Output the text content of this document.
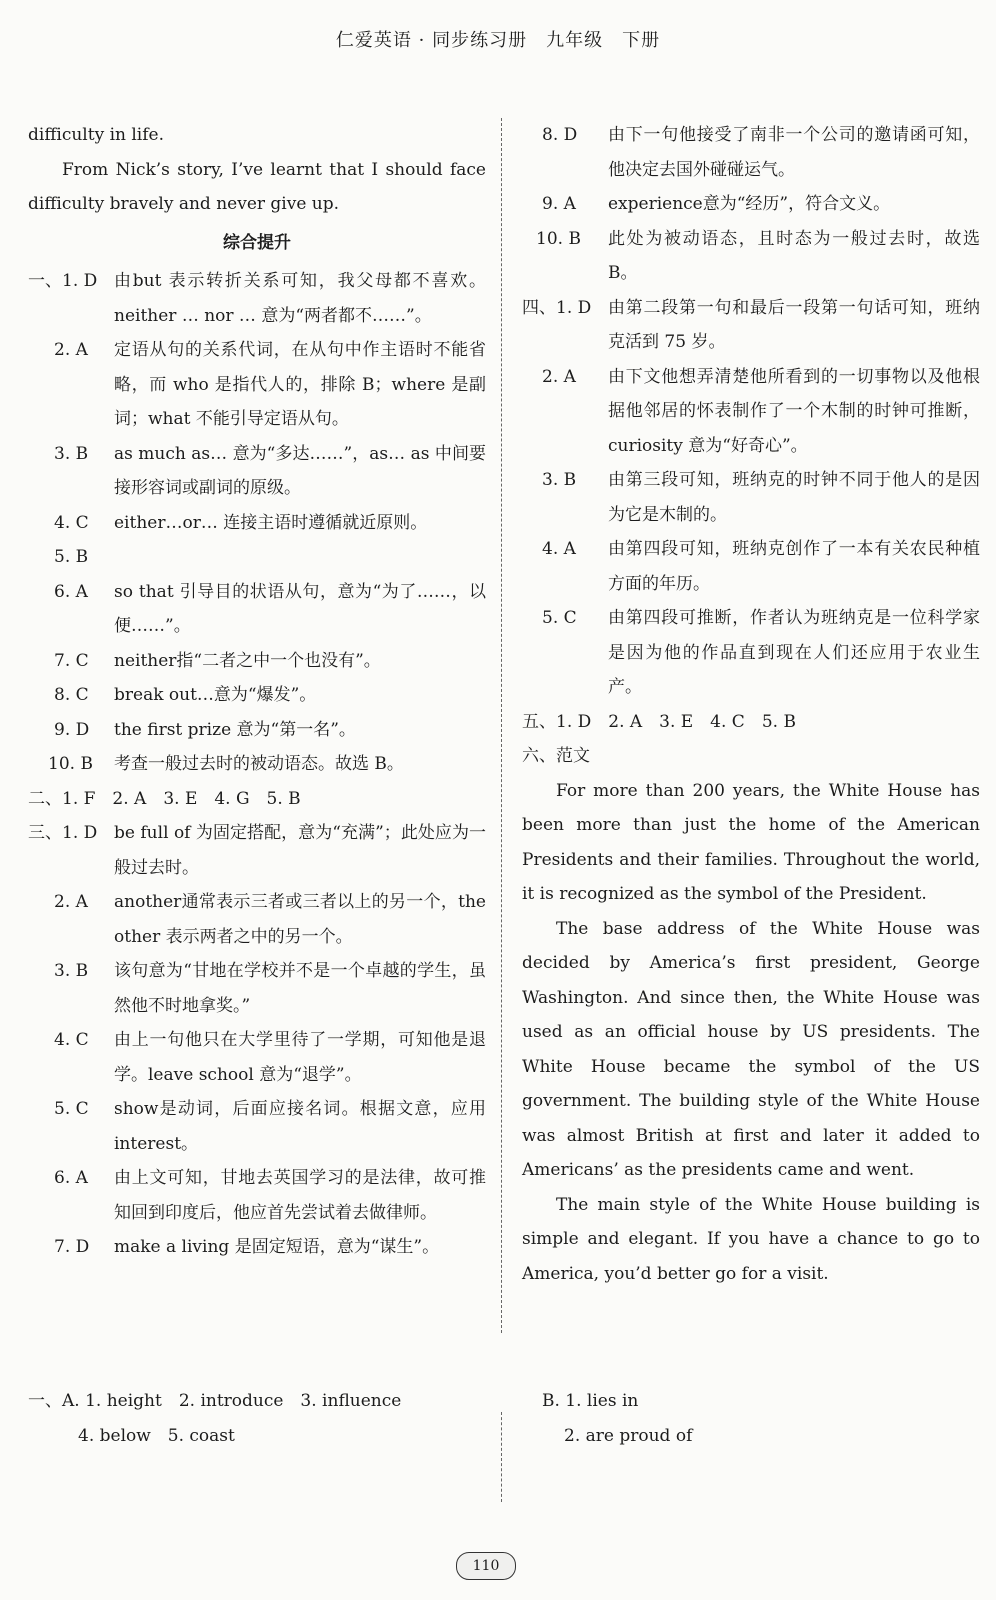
仁爱英语 · 同步练习册　九年级　下册

difficulty in life.

From Nick’s story, I’ve learnt that I should face difficulty bravely and never give up.

综合提升
一、1. D 由but 表示转折关系可知，我父母都不喜欢。neither … nor … 意为“两者都不……”。
2. A	定语从句的关系代词，在从句中作主语时不能省略，而 who 是指代人的，排除 B；where 是副词；what 不能引导定语从句。
3. B	as much as… 意为“多达……”，as… as 中间要接形容词或副词的原级。
4. C	either…or… 连接主语时遵循就近原则。
5. B
6. A	so that 引导目的状语从句，意为“为了……，以便……”。
7. C	neither指“二者之中一个也没有”。
8. C	break out…意为“爆发”。
9. D	the first prize 意为“第一名”。
10. B	考查一般过去时的被动语态。故选 B。

二、1. F　2. A　3. E　4. G　5. B

三、1. D be full of 为固定搭配，意为“充满”；此处应为一般过去时。
2. A	another通常表示三者或三者以上的另一个，the other 表示两者之中的另一个。
3. B	该句意为“甘地在学校并不是一个卓越的学生，虽然他不时地拿奖。”
4. C	由上一句他只在大学里待了一学期，可知他是退学。leave school 意为“退学”。
5. C	show是动词，后面应接名词。根据文意，应用 interest。
6. A	由上文可知，甘地去英国学习的是法律，故可推知回到印度后，他应首先尝试着去做律师。
7. D	make a living 是固定短语，意为“谋生”。
8. D	由下一句他接受了南非一个公司的邀请函可知，他决定去国外碰碰运气。
9. A	experience意为“经历”，符合文义。
10. B	此处为被动语态，且时态为一般过去时，故选 B。
四、1. D 由第二段第一句和最后一段第一句话可知，班纳克活到 75 岁。
2. A	由下文他想弄清楚他所看到的一切事物以及他根据他邻居的怀表制作了一个木制的时钟可推断，curiosity 意为“好奇心”。
3. B	由第三段可知，班纳克的时钟不同于他人的是因为它是木制的。
4. A	由第四段可知，班纳克创作了一本有关农民种植方面的年历。
5. C	由第四段可推断，作者认为班纳克是一位科学家是因为他的作品直到现在人们还应用于农业生产。

五、1. D　2. A　3. E　4. C　5. B

六、范文

For more than 200 years, the White House has been more than just the home of the American Presidents and their families. Throughout the world, it is recognized as the symbol of the President.

The base address of the White House was decided by America’s first president, George Washington. And since then, the White House was used as an official house by US presidents. The White House became the symbol of the US government. The building style of the White House was almost British at first and later it added to Americans’ as the presidents came and went.

The main style of the White House building is simple and elegant. If you have a chance to go to America, you’d better go for a visit.

一、A. 1. height　2. introduce　3. influence

4. below　5. coast

B. 1. lies in

2. are proud of

110
